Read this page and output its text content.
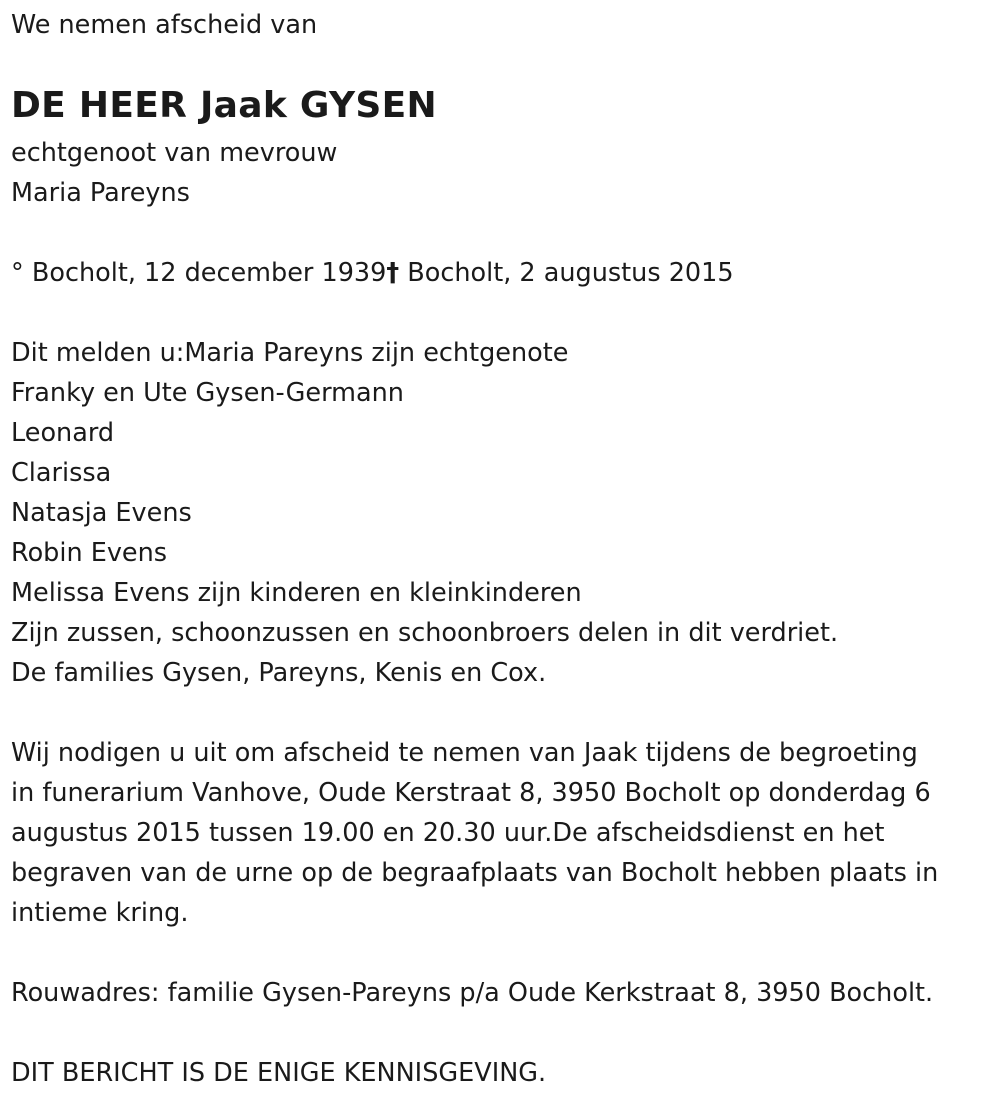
We nemen afscheid van

DE HEER Jaak GYSEN

echtgenoot van mevrouw

Maria Pareyns

° Bocholt, 12 december 1939† Bocholt, 2 augustus 2015

Dit melden u:Maria Pareyns zijn echtgenote

Franky en Ute Gysen-Germann

Leonard

Clarissa

Natasja Evens

Robin Evens

Melissa Evens zijn kinderen en kleinkinderen

Zijn zussen, schoonzussen en schoonbroers delen in dit verdriet.

De families Gysen, Pareyns, Kenis en Cox.

Wij nodigen u uit om afscheid te nemen van Jaak tijdens de begroeting

in funerarium Vanhove, Oude Kerstraat 8, 3950 Bocholt op donderdag 6

augustus 2015 tussen 19.00 en 20.30 uur.De afscheidsdienst en het

begraven van de urne op de begraafplaats van Bocholt hebben plaats in

intieme kring.

Rouwadres: familie Gysen-Pareyns p/a Oude Kerkstraat 8, 3950 Bocholt.

DIT BERICHT IS DE ENIGE KENNISGEVING.
